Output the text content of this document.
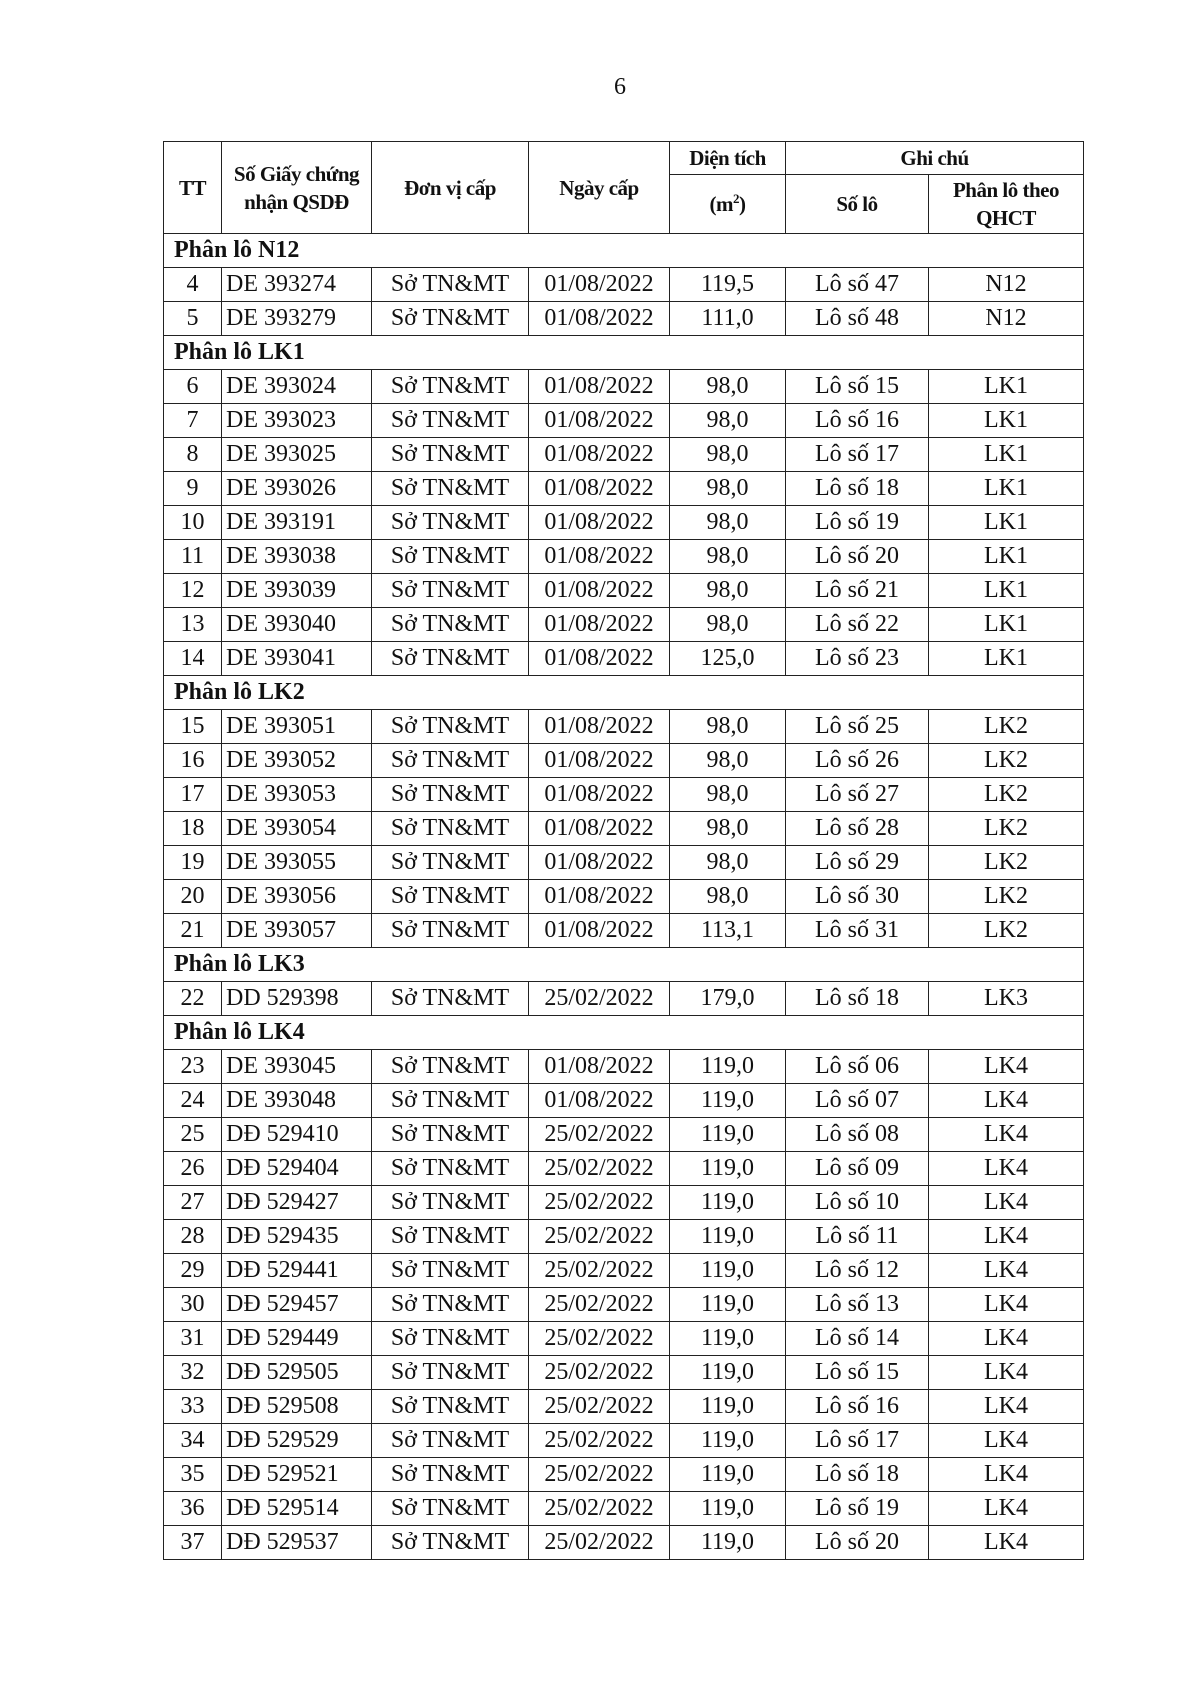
6
TT	Số Giấy chứng nhận QSDĐ	Đơn vị cấp	Ngày cấp	Diện tích	Ghi chú	
				$(m^2)$	Số lô	Phân lô theo QHCT
Phân lô N12						
4	DE 393274	Sở TN&MT	01/08/2022	119,5	Lô số 47	N12
5	DE 393279	Sở TN&MT	01/08/2022	111,0	Lô số 48	N12
Phân lô LK1						
6	DE 393024	Sở TN&MT	01/08/2022	98,0	Lô số 15	LK1
7	DE 393023	Sở TN&MT	01/08/2022	98,0	Lô số 16	LK1
8	DE 393025	Sở TN&MT	01/08/2022	98,0	Lô số 17	LK1
9	DE 393026	Sở TN&MT	01/08/2022	98,0	Lô số 18	LK1
10	DE 393191	Sở TN&MT	01/08/2022	98,0	Lô số 19	LK1
11	DE 393038	Sở TN&MT	01/08/2022	98,0	Lô số 20	LK1
12	DE 393039	Sở TN&MT	01/08/2022	98,0	Lô số 21	LK1
13	DE 393040	Sở TN&MT	01/08/2022	98,0	Lô số 22	LK1
14	DE 393041	Sở TN&MT	01/08/2022	125,0	Lô số 23	LK1
Phân lô LK2						
15	DE 393051	Sở TN&MT	01/08/2022	98,0	Lô số 25	LK2
16	DE 393052	Sở TN&MT	01/08/2022	98,0	Lô số 26	LK2
17	DE 393053	Sở TN&MT	01/08/2022	98,0	Lô số 27	LK2
18	DE 393054	Sở TN&MT	01/08/2022	98,0	Lô số 28	LK2
19	DE 393055	Sở TN&MT	01/08/2022	98,0	Lô số 29	LK2
20	DE 393056	Sở TN&MT	01/08/2022	98,0	Lô số 30	LK2
21	DE 393057	Sở TN&MT	01/08/2022	113,1	Lô số 31	LK2
Phân lô LK3						
22	DD 529398	Sở TN&MT	25/02/2022	179,0	Lô số 18	LK3
Phân lô LK4						
23	DE 393045	Sở TN&MT	01/08/2022	119,0	Lô số 06	LK4
24	DE 393048	Sở TN&MT	01/08/2022	119,0	Lô số 07	LK4
25	DĐ 529410	Sở TN&MT	25/02/2022	119,0	Lô số 08	LK4
26	DĐ 529404	Sở TN&MT	25/02/2022	119,0	Lô số 09	LK4
27	DĐ 529427	Sở TN&MT	25/02/2022	119,0	Lô số 10	LK4
28	DĐ 529435	Sở TN&MT	25/02/2022	119,0	Lô số 11	LK4
29	DĐ 529441	Sở TN&MT	25/02/2022	119,0	Lô số 12	LK4
30	DĐ 529457	Sở TN&MT	25/02/2022	119,0	Lô số 13	LK4
31	DĐ 529449	Sở TN&MT	25/02/2022	119,0	Lô số 14	LK4
32	DĐ 529505	Sở TN&MT	25/02/2022	119,0	Lô số 15	LK4
33	DĐ 529508	Sở TN&MT	25/02/2022	119,0	Lô số 16	LK4
34	DĐ 529529	Sở TN&MT	25/02/2022	119,0	Lô số 17	LK4
35	DĐ 529521	Sở TN&MT	25/02/2022	119,0	Lô số 18	LK4
36	DĐ 529514	Sở TN&MT	25/02/2022	119,0	Lô số 19	LK4
37	DĐ 529537	Sở TN&MT	25/02/2022	119,0	Lô số 20	LK4
